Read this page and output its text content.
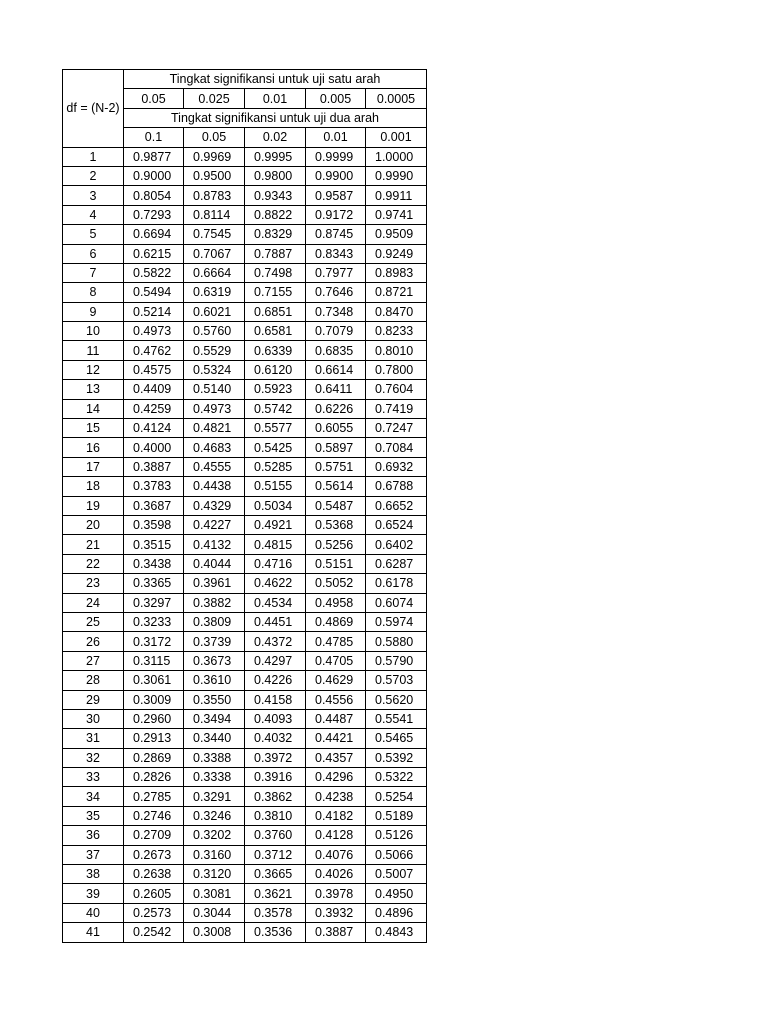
df = (N-2)	Tingkat signifikansi untuk uji satu arah				
	0.05	0.025	0.01	0.005	0.0005
	Tingkat signifikansi untuk uji dua arah				
	0.1	0.05	0.02	0.01	0.001
1	0.9877	0.9969	0.9995	0.9999	1.0000
2	0.9000	0.9500	0.9800	0.9900	0.9990
3	0.8054	0.8783	0.9343	0.9587	0.9911
4	0.7293	0.8114	0.8822	0.9172	0.9741
5	0.6694	0.7545	0.8329	0.8745	0.9509
6	0.6215	0.7067	0.7887	0.8343	0.9249
7	0.5822	0.6664	0.7498	0.7977	0.8983
8	0.5494	0.6319	0.7155	0.7646	0.8721
9	0.5214	0.6021	0.6851	0.7348	0.8470
10	0.4973	0.5760	0.6581	0.7079	0.8233
11	0.4762	0.5529	0.6339	0.6835	0.8010
12	0.4575	0.5324	0.6120	0.6614	0.7800
13	0.4409	0.5140	0.5923	0.6411	0.7604
14	0.4259	0.4973	0.5742	0.6226	0.7419
15	0.4124	0.4821	0.5577	0.6055	0.7247
16	0.4000	0.4683	0.5425	0.5897	0.7084
17	0.3887	0.4555	0.5285	0.5751	0.6932
18	0.3783	0.4438	0.5155	0.5614	0.6788
19	0.3687	0.4329	0.5034	0.5487	0.6652
20	0.3598	0.4227	0.4921	0.5368	0.6524
21	0.3515	0.4132	0.4815	0.5256	0.6402
22	0.3438	0.4044	0.4716	0.5151	0.6287
23	0.3365	0.3961	0.4622	0.5052	0.6178
24	0.3297	0.3882	0.4534	0.4958	0.6074
25	0.3233	0.3809	0.4451	0.4869	0.5974
26	0.3172	0.3739	0.4372	0.4785	0.5880
27	0.3115	0.3673	0.4297	0.4705	0.5790
28	0.3061	0.3610	0.4226	0.4629	0.5703
29	0.3009	0.3550	0.4158	0.4556	0.5620
30	0.2960	0.3494	0.4093	0.4487	0.5541
31	0.2913	0.3440	0.4032	0.4421	0.5465
32	0.2869	0.3388	0.3972	0.4357	0.5392
33	0.2826	0.3338	0.3916	0.4296	0.5322
34	0.2785	0.3291	0.3862	0.4238	0.5254
35	0.2746	0.3246	0.3810	0.4182	0.5189
36	0.2709	0.3202	0.3760	0.4128	0.5126
37	0.2673	0.3160	0.3712	0.4076	0.5066
38	0.2638	0.3120	0.3665	0.4026	0.5007
39	0.2605	0.3081	0.3621	0.3978	0.4950
40	0.2573	0.3044	0.3578	0.3932	0.4896
41	0.2542	0.3008	0.3536	0.3887	0.4843
